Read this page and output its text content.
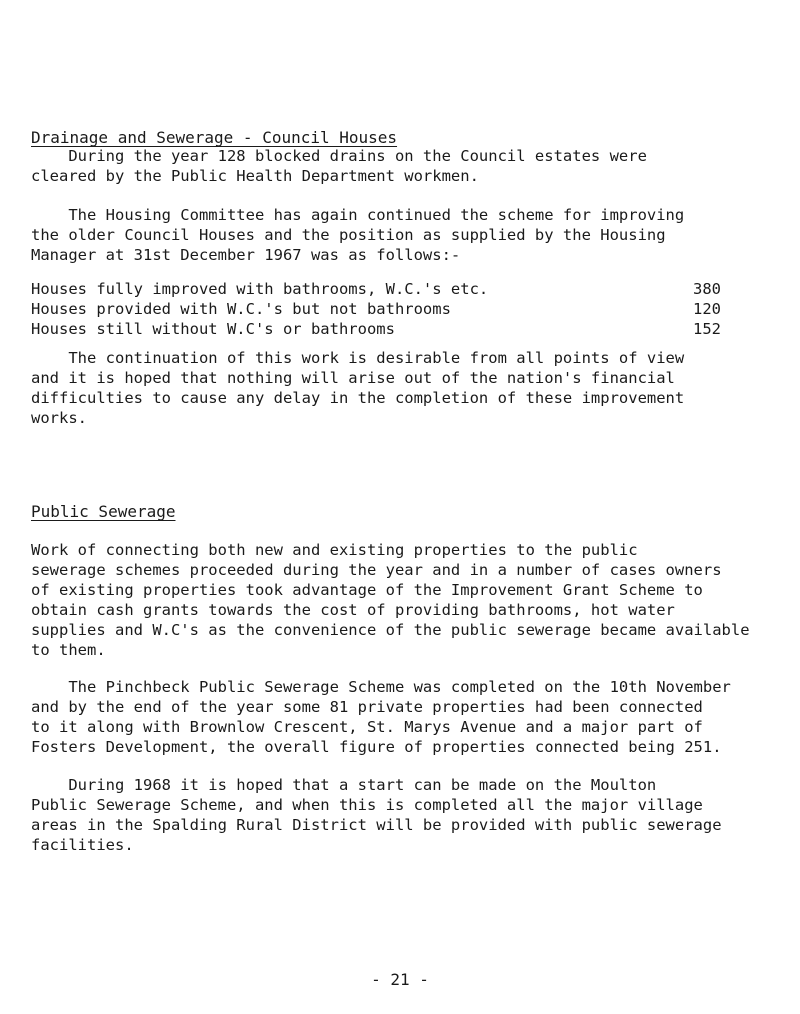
Drainage and Sewerage - Council Houses
During the year 128 blocked drains on the Council estates were
cleared by the Public Health Department workmen.
The Housing Committee has again continued the scheme for improving
the older Council Houses and the position as supplied by the Housing
Manager at 31st December 1967 was as follows:-
Houses fully improved with bathrooms, W.C.'s etc.	380
Houses provided with W.C.'s but not bathrooms	120
Houses still without W.C's or bathrooms	152
The continuation of this work is desirable from all points of view
and it is hoped that nothing will arise out of the nation's financial
difficulties to cause any delay in the completion of these improvement
works.
Public Sewerage
Work of connecting both new and existing properties to the public
sewerage schemes proceeded during the year and in a number of cases owners
of existing properties took advantage of the Improvement Grant Scheme to
obtain cash grants towards the cost of providing bathrooms, hot water
supplies and W.C's as the convenience of the public sewerage became available
to them.
The Pinchbeck Public Sewerage Scheme was completed on the 10th November
and by the end of the year some 81 private properties had been connected
to it along with Brownlow Crescent, St. Marys Avenue and a major part of
Fosters Development, the overall figure of properties connected being 251.
During 1968 it is hoped that a start can be made on the Moulton
Public Sewerage Scheme, and when this is completed all the major village
areas in the Spalding Rural District will be provided with public sewerage
facilities.
- 21 -
